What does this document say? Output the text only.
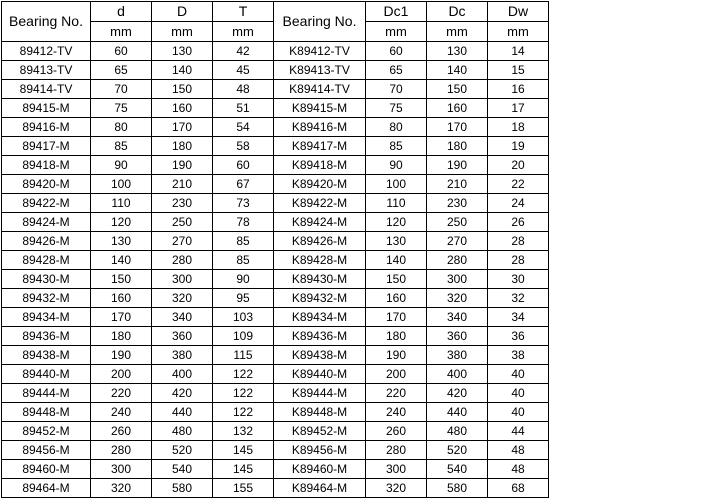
Bearing No.	d	D	T	Bearing No.	Dc1	Dc	Dw
	mm	mm	mm		mm	mm	mm
89412-TV	60	130	42	K89412-TV	60	130	14
89413-TV	65	140	45	K89413-TV	65	140	15
89414-TV	70	150	48	K89414-TV	70	150	16
89415-M	75	160	51	K89415-M	75	160	17
89416-M	80	170	54	K89416-M	80	170	18
89417-M	85	180	58	K89417-M	85	180	19
89418-M	90	190	60	K89418-M	90	190	20
89420-M	100	210	67	K89420-M	100	210	22
89422-M	110	230	73	K89422-M	110	230	24
89424-M	120	250	78	K89424-M	120	250	26
89426-M	130	270	85	K89426-M	130	270	28
89428-M	140	280	85	K89428-M	140	280	28
89430-M	150	300	90	K89430-M	150	300	30
89432-M	160	320	95	K89432-M	160	320	32
89434-M	170	340	103	K89434-M	170	340	34
89436-M	180	360	109	K89436-M	180	360	36
89438-M	190	380	115	K89438-M	190	380	38
89440-M	200	400	122	K89440-M	200	400	40
89444-M	220	420	122	K89444-M	220	420	40
89448-M	240	440	122	K89448-M	240	440	40
89452-M	260	480	132	K89452-M	260	480	44
89456-M	280	520	145	K89456-M	280	520	48
89460-M	300	540	145	K89460-M	300	540	48
89464-M	320	580	155	K89464-M	320	580	68
